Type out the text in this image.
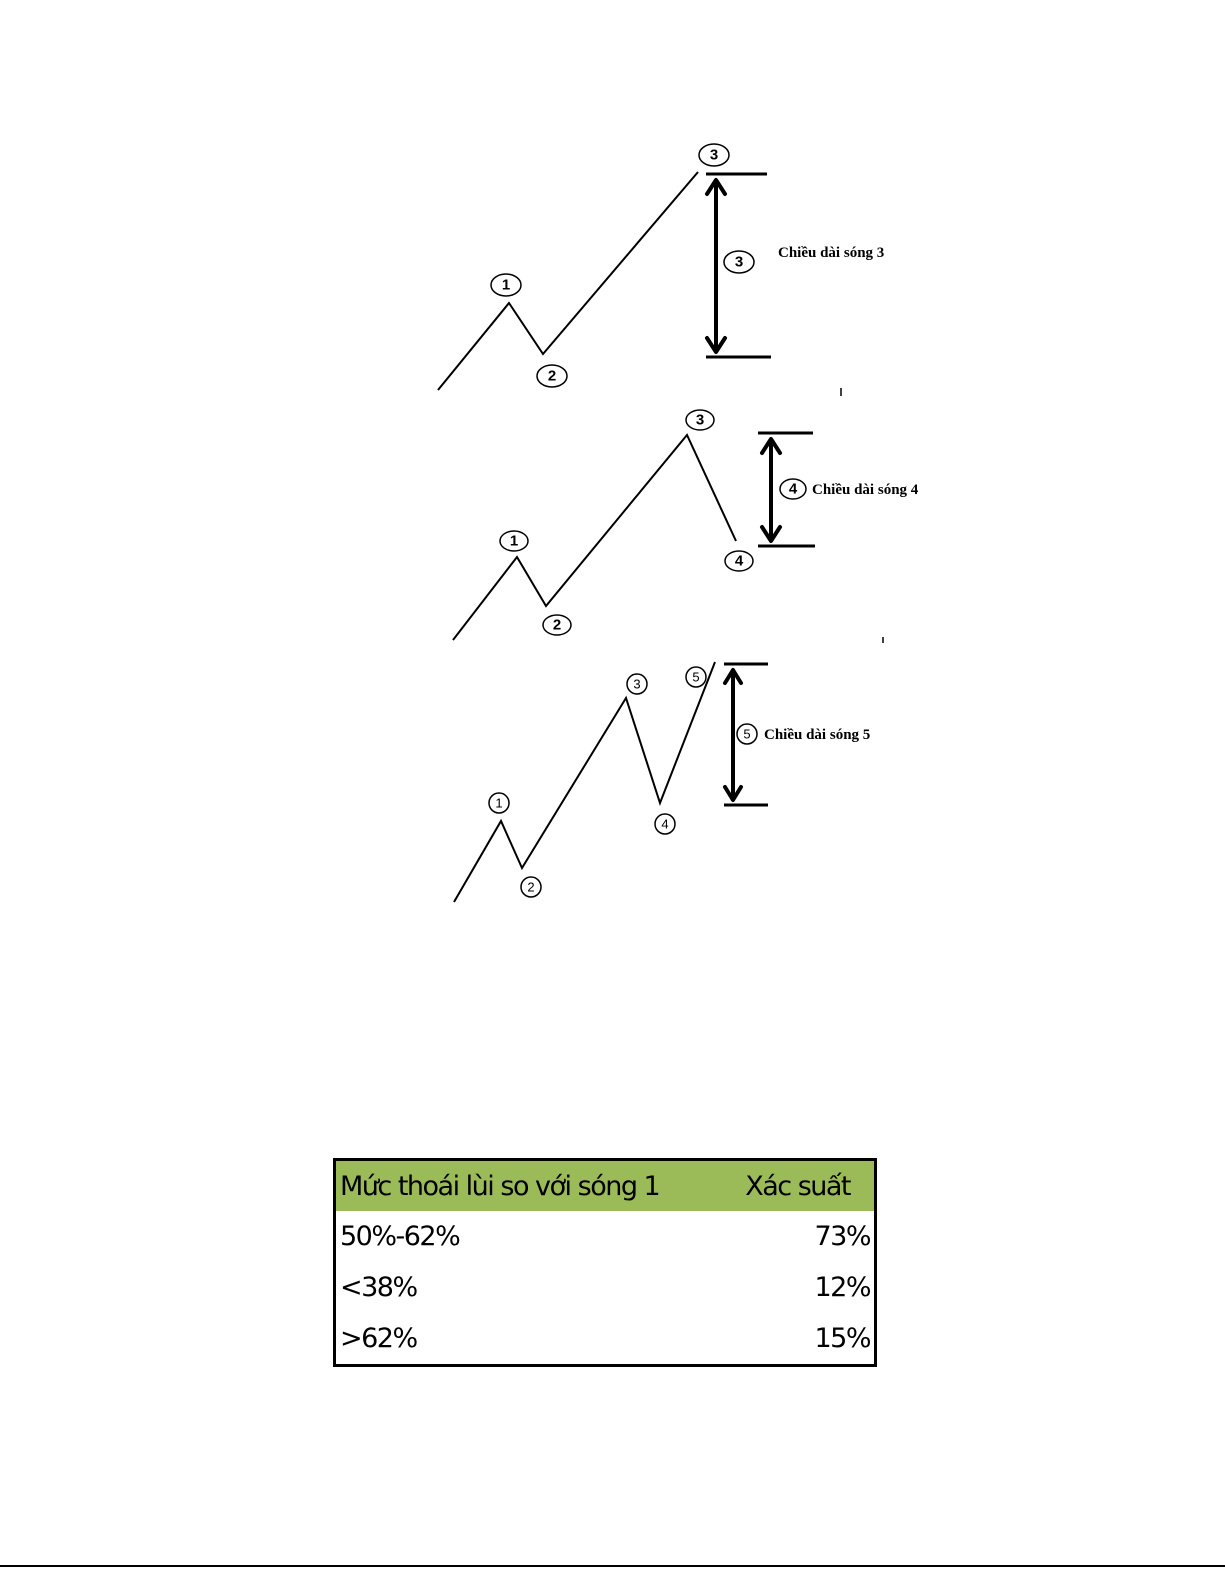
1
2
3
3
Chiều dài sóng 3
1
2
3
4
4 Chiều dài sóng 4
1
2
3
4
5
5 Chiều dài sóng 5
Mức thoái lùi so với sóng 1	Xác suất
50%-62%	73%
<38%	12%
>62%	15%
